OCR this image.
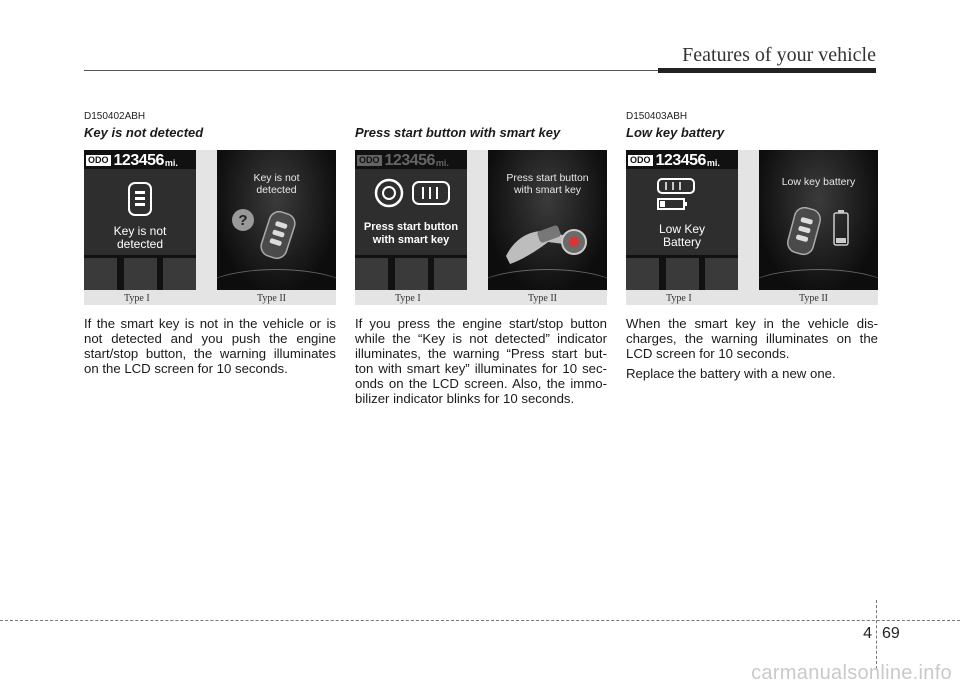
Features of your vehicle
D150402ABH
Key is not detected
ODO 123456 mi.
Key is not
detected
Key is not
detected
?
Type I	Type II
If the smart key is not in the vehicle or is not detected and you push the engine start/stop button, the warning illuminates on the LCD screen for 10 seconds.
Press start button with smart key
ODO 123456 mi.
Press start button
with smart key
Press start button
with smart key
Type I	Type II
If you press the engine start/stop button while the “Key is not detected” indicator illuminates, the warning “Press start but-ton with smart key” illuminates for 10 sec-onds on the LCD screen. Also, the immo-bilizer indicator blinks for 10 seconds.
D150403ABH
Low key battery
ODO 123456 mi.
Low Key
Battery
Low key battery
Type I	Type II
When the smart key in the vehicle dis-charges, the warning illuminates on the LCD screen for 10 seconds.
Replace the battery with a new one.
4 69
carmanualsonline.info
